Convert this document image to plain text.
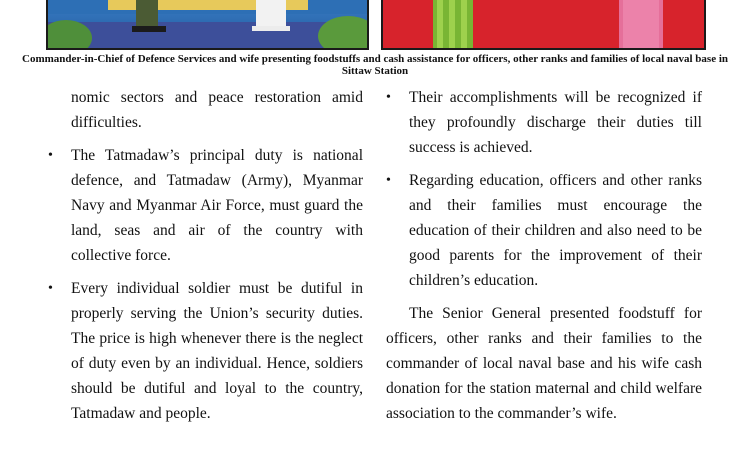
Commander-in-Chief of Defence Services and wife presenting foodstuffs and cash assistance for officers, other ranks and families of local naval base in Sittaw Station

nomic sectors and peace restoration amid difficulties.

• The Tatmadaw’s principal duty is national defence, and Tatmadaw (Army), Myanmar Navy and Myanmar Air Force, must guard the land, seas and air of the country with collective force.
• Every individual soldier must be dutiful in properly serving the Union’s security duties. The price is high whenever there is the neglect of duty even by an individual. Hence, soldiers should be dutiful and loyal to the country, Tatmadaw and people.
• Their accomplishments will be recognized if they profoundly discharge their duties till success is achieved.
• Regarding education, officers and other ranks and their families must encourage the education of their children and also need to be good parents for the improvement of their children’s education.

The Senior General presented foodstuff for officers, other ranks and their families to the commander of local naval base and his wife cash donation for the station maternal and child welfare association to the commander’s wife.
